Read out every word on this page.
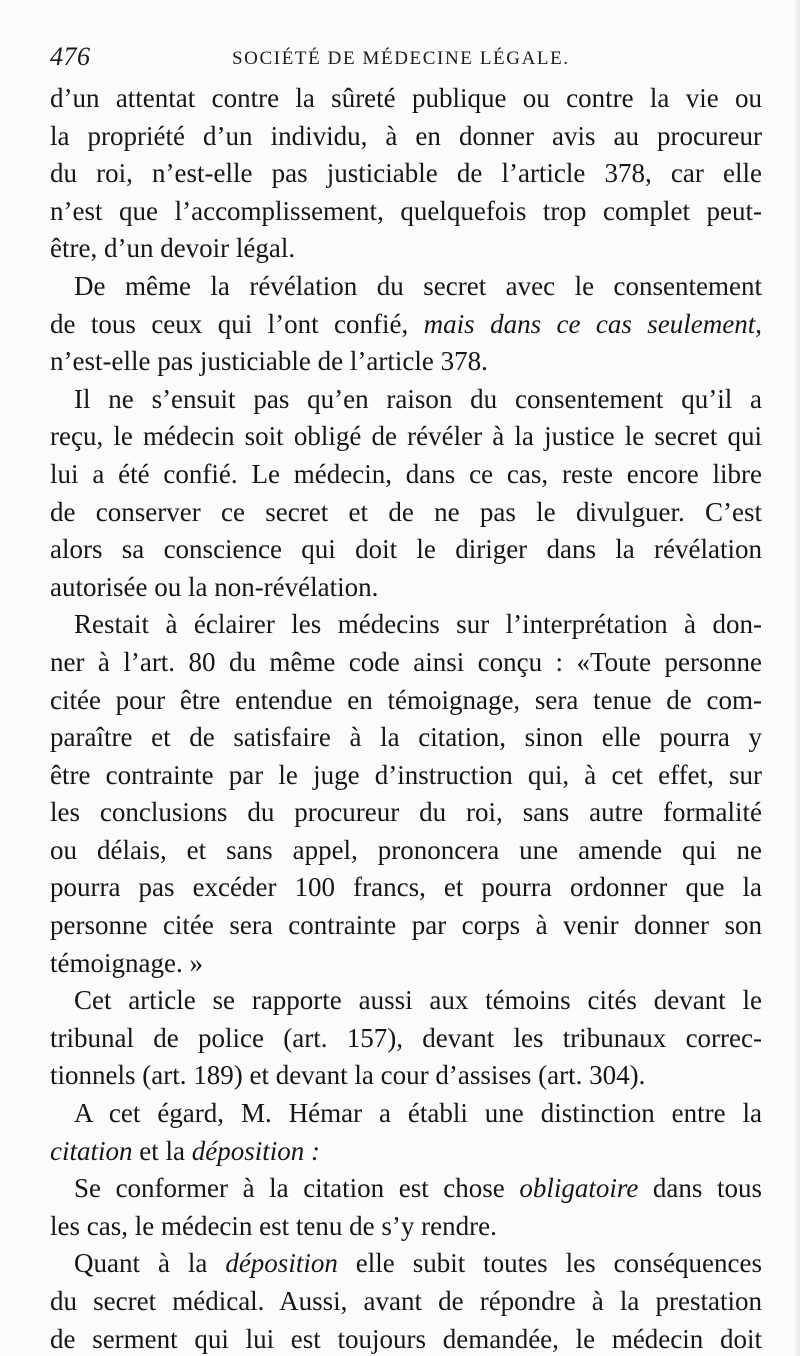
476	SOCIÉTÉ DE MÉDECINE LÉGALE.
d’un attentat contre la sûreté publique ou contre la vie ou
la propriété d’un individu, à en donner avis au procureur
du roi, n’est-elle pas justiciable de l’article 378, car elle
n’est que l’accomplissement, quelquefois trop complet peut-
être, d’un devoir légal.
De même la révélation du secret avec le consentement
de tous ceux qui l’ont confié, mais dans ce cas seulement,
n’est-elle pas justiciable de l’article 378.
Il ne s’ensuit pas qu’en raison du consentement qu’il a
reçu, le médecin soit obligé de révéler à la justice le secret qui
lui a été confié. Le médecin, dans ce cas, reste encore libre
de conserver ce secret et de ne pas le divulguer. C’est
alors sa conscience qui doit le diriger dans la révélation
autorisée ou la non-révélation.
Restait à éclairer les médecins sur l’interprétation à don-
ner à l’art. 80 du même code ainsi conçu : «Toute personne
citée pour être entendue en témoignage, sera tenue de com-
paraître et de satisfaire à la citation, sinon elle pourra y
être contrainte par le juge d’instruction qui, à cet effet, sur
les conclusions du procureur du roi, sans autre formalité
ou délais, et sans appel, prononcera une amende qui ne
pourra pas excéder 100 francs, et pourra ordonner que la
personne citée sera contrainte par corps à venir donner son
témoignage. »
Cet article se rapporte aussi aux témoins cités devant le
tribunal de police (art. 157), devant les tribunaux correc-
tionnels (art. 189) et devant la cour d’assises (art. 304).
A cet égard, M. Hémar a établi une distinction entre la
citation et la déposition :
Se conformer à la citation est chose obligatoire dans tous
les cas, le médecin est tenu de s’y rendre.
Quant à la déposition elle subit toutes les conséquences
du secret médical. Aussi, avant de répondre à la prestation
de serment qui lui est toujours demandée, le médecin doit
